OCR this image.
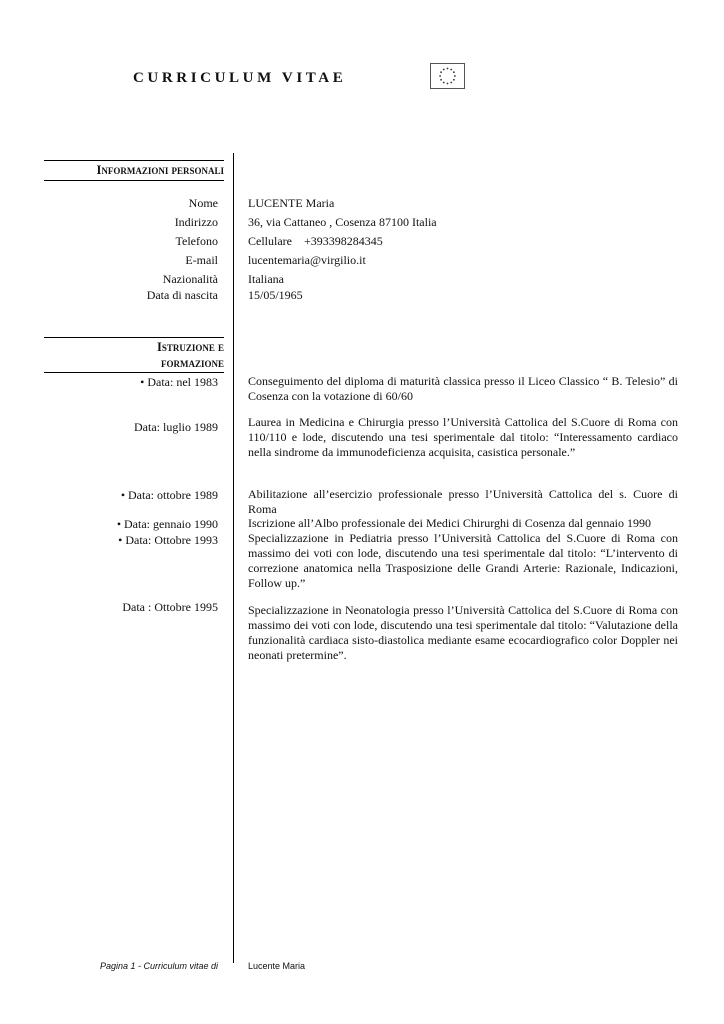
CURRICULUM VITAE
Informazioni personali
Nome	LUCENTE Maria
Indirizzo	36, via Cattaneo , Cosenza 87100 Italia
Telefono	Cellulare    +393398284345
E-mail	lucentemaria@virgilio.it
Nazionalità	Italiana
Data di nascita	15/05/1965
Istruzione e
formazione
• Data: nel 1983	Conseguimento del diploma di maturità classica presso il Liceo Classico “ B. Telesio” di Cosenza con la votazione di 60/60
Data: luglio 1989	Laurea in Medicina e Chirurgia presso l’Università Cattolica del S.Cuore di Roma con 110/110 e lode, discutendo una tesi sperimentale dal titolo: “Interessamento cardiaco nella sindrome da immunodeficienza acquisita, casistica personale.”
• Data: ottobre 1989	Abilitazione all’esercizio professionale presso l’Università Cattolica del s. Cuore di Roma
• Data: gennaio 1990	Iscrizione all’Albo professionale dei Medici Chirurghi di Cosenza dal gennaio 1990
• Data: Ottobre 1993	Specializzazione in Pediatria presso l’Università Cattolica del S.Cuore di Roma con massimo dei voti con lode, discutendo una tesi sperimentale dal titolo: “L’intervento di correzione anatomica nella Trasposizione delle Grandi Arterie: Razionale, Indicazioni, Follow up.”
Data : Ottobre 1995	Specializzazione in Neonatologia presso l’Università Cattolica del S.Cuore di Roma con massimo dei voti con lode, discutendo una tesi sperimentale dal titolo: “Valutazione della funzionalità cardiaca sisto-diastolica mediante esame ecocardiografico color Doppler nei neonati pretermine”.
Pagina 1 - Curriculum vitae di	Lucente Maria
